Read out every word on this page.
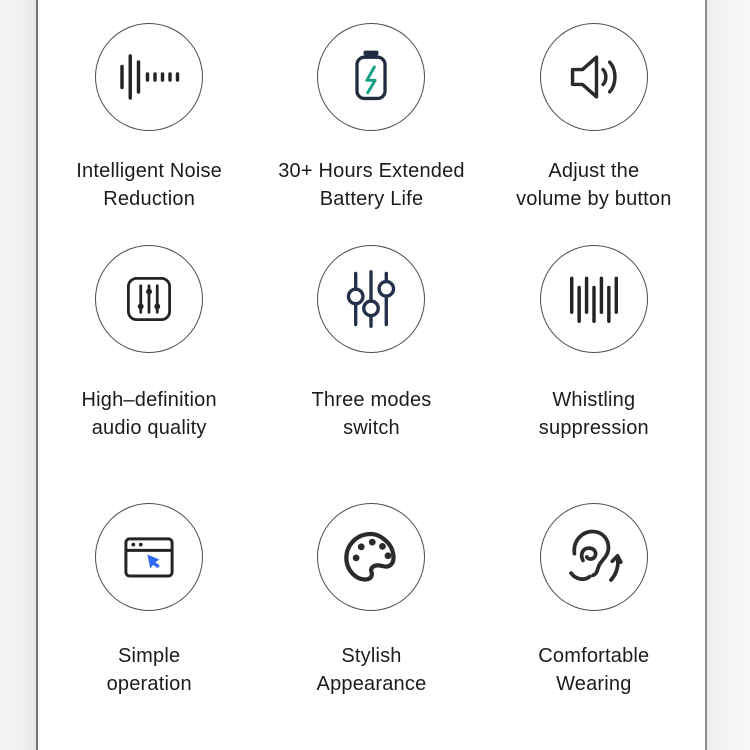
Intelligent Noise
Reduction
30+ Hours Extended
Battery Life
Adjust the
volume by button
High–definition
audio quality
Three modes
switch
Whistling
suppression
Simple
operation
Stylish
Appearance
Comfortable
Wearing
